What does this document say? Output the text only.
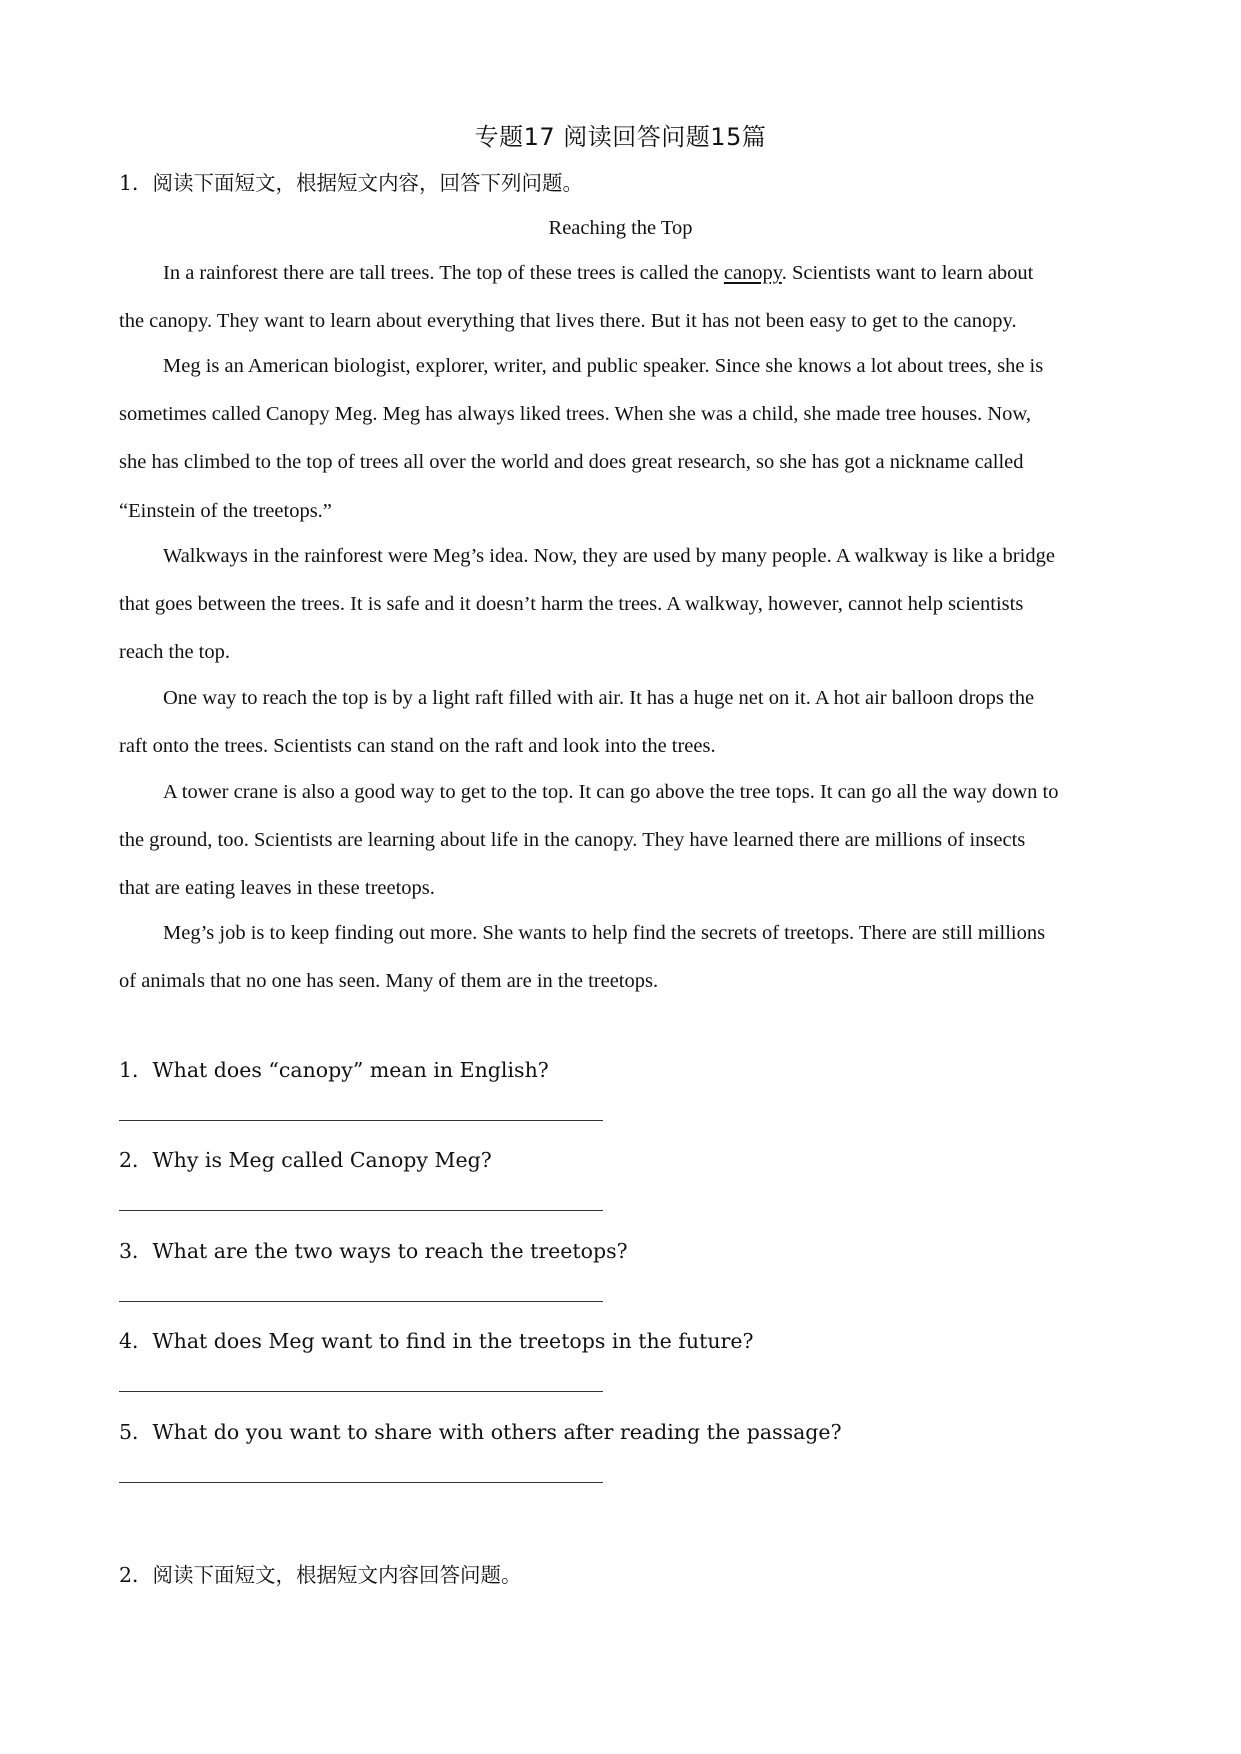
专题17 阅读回答问题15篇
1．阅读下面短文，根据短文内容，回答下列问题。
Reaching the Top
In a rainforest there are tall trees. The top of these trees is called the canopy. Scientists want to learn about
the canopy. They want to learn about everything that lives there. But it has not been easy to get to the canopy.
Meg is an American biologist, explorer, writer, and public speaker. Since she knows a lot about trees, she is
sometimes called Canopy Meg. Meg has always liked trees. When she was a child, she made tree houses. Now,
she has climbed to the top of trees all over the world and does great research, so she has got a nickname called
“Einstein of the treetops.”
Walkways in the rainforest were Meg’s idea. Now, they are used by many people. A walkway is like a bridge
that goes between the trees. It is safe and it doesn’t harm the trees. A walkway, however, cannot help scientists
reach the top.
One way to reach the top is by a light raft filled with air. It has a huge net on it. A hot air balloon drops the
raft onto the trees. Scientists can stand on the raft and look into the trees.
A tower crane is also a good way to get to the top. It can go above the tree tops. It can go all the way down to
the ground, too. Scientists are learning about life in the canopy. They have learned there are millions of insects
that are eating leaves in these treetops.
Meg’s job is to keep finding out more. She wants to help find the secrets of treetops. There are still millions
of animals that no one has seen. Many of them are in the treetops.
1．What does “canopy” mean in English?
2．Why is Meg called Canopy Meg?
3．What are the two ways to reach the treetops?
4．What does Meg want to find in the treetops in the future?
5．What do you want to share with others after reading the passage?
2．阅读下面短文，根据短文内容回答问题。
